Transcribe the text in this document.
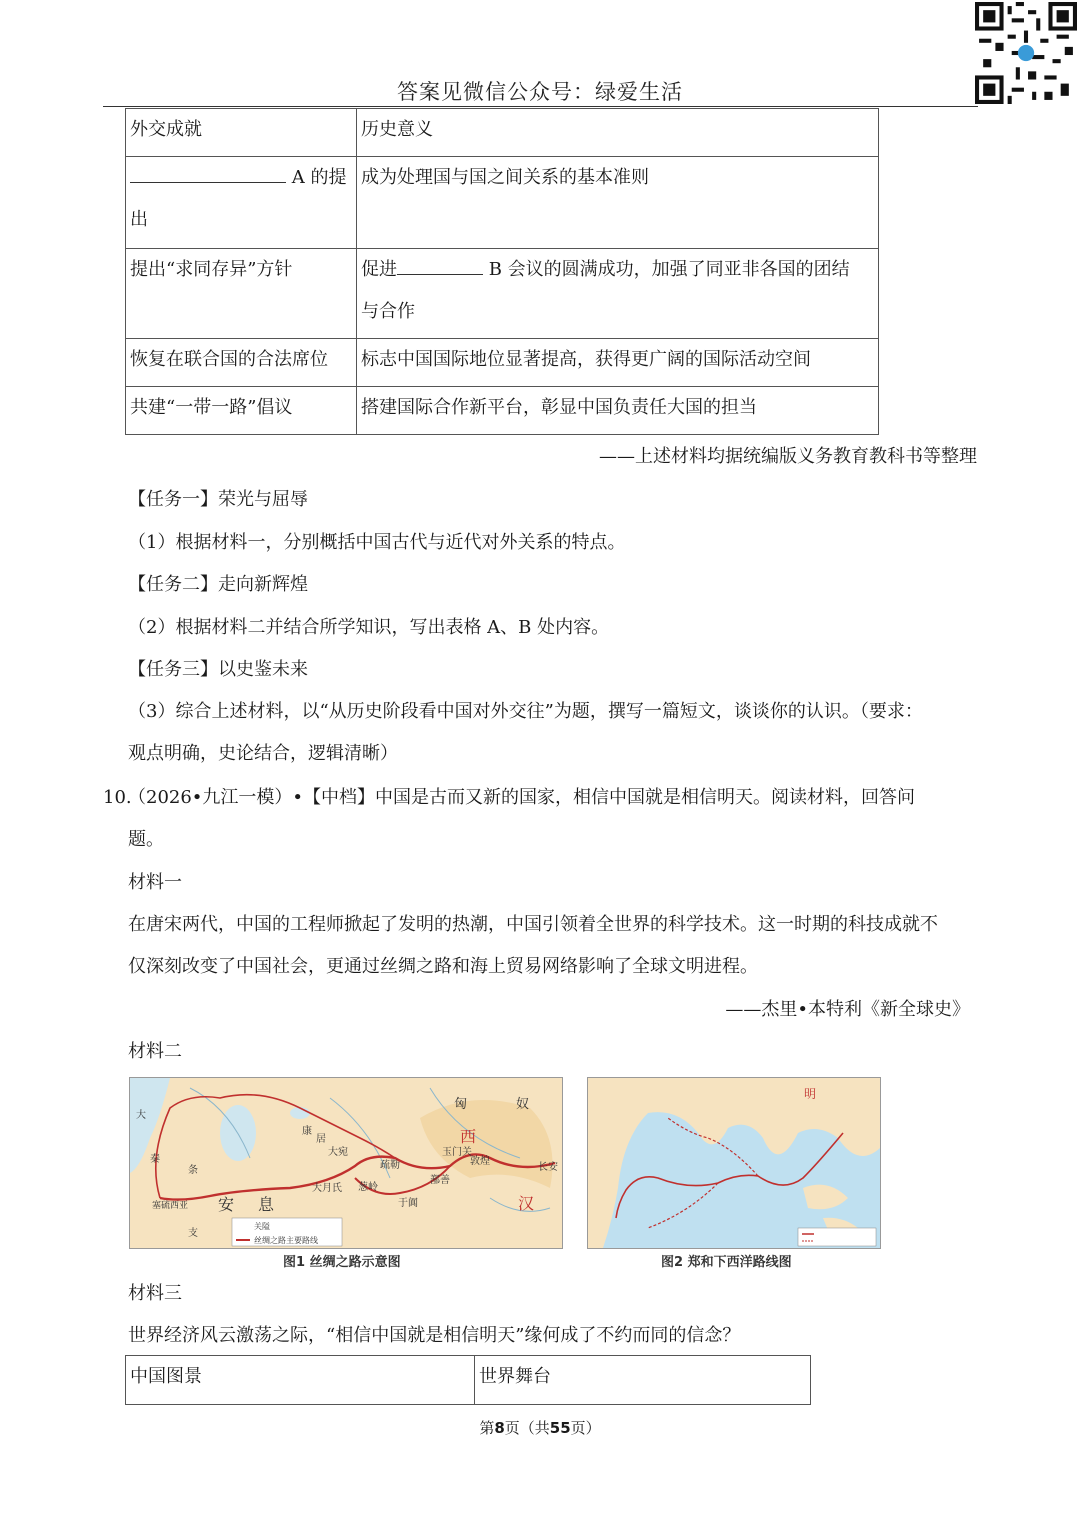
答案见微信公众号：绿爱生活
外交成就	历史意义
A 的提
出	成为处理国与国之间关系的基本准则
提出“求同存异”方针	促进 B 会议的圆满成功，加强了同亚非各国的团结
与合作
恢复在联合国的合法席位	标志中国国际地位显著提高，获得更广阔的国际活动空间
共建“一带一路”倡议	搭建国际合作新平台，彰显中国负责任大国的担当
——上述材料均据统编版义务教育教科书等整理
【任务一】荣光与屈辱
（1）根据材料一，分别概括中国古代与近代对外关系的特点。
【任务二】走向新辉煌
（2）根据材料二并结合所学知识，写出表格 A、B 处内容。
【任务三】以史鉴未来
（3）综合上述材料，以“从历史阶段看中国对外交往”为题，撰写一篇短文，谈谈你的认识。（要求：
观点明确，史论结合，逻辑清晰）
10.
（2026•九江一模）•【中档】中国是古而又新的国家，相信中国就是相信明天。阅读材料，回答问
题。
材料一
在唐宋两代，中国的工程师掀起了发明的热潮，中国引领着全世界的科学技术。这一时期的科技成就不
仅深刻改变了中国社会，更通过丝绸之路和海上贸易网络影响了全球文明进程。
——杰里•本特利《新全球史》
材料二
大
秦
条
安 息
康
居
大宛
大月氏
疏勒
于阗
玉门关
敦煌
鄯善
匈	奴
西
汉
长安
葱岭
塞硫西亚
支
关隘
丝绸之路主要路线
明
图1 丝绸之路示意图	图2 郑和下西洋路线图
材料三
世界经济风云激荡之际，“相信中国就是相信明天”缘何成了不约而同的信念？
中国图景	世界舞台
第8页（共55页）
